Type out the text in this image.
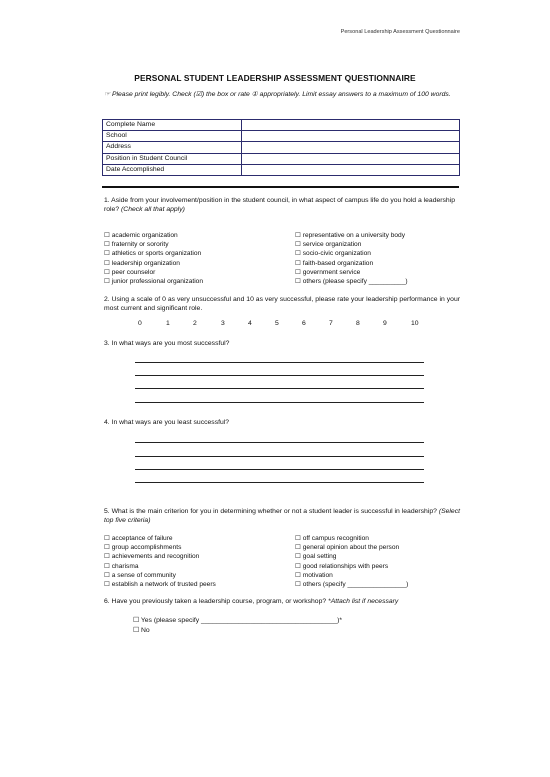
Personal Leadership Assessment Questionnaire
PERSONAL STUDENT LEADERSHIP ASSESSMENT QUESTIONNAIRE
☞ Please print legibly. Check (☑) the box or rate ① appropriately. Limit essay answers to a maximum of 100 words.
Complete Name	
School	
Address	
Position in Student Council	
Date Accomplished	
1. Aside from your involvement/position in the student council, in what aspect of campus life do you hold a leadership role? (Check all that apply)
☐ academic organization
☐ fraternity or sorority
☐ athletics or sports organization
☐ leadership organization
☐ peer counselor
☐ junior professional organization
☐ representative on a university body
☐ service organization
☐ socio-civic organization
☐ faith-based organization
☐ government service
☐ others (please specify __________)
2. Using a scale of 0 as very unsuccessful and 10 as very successful, please rate your leadership performance in your most current and significant role.
0	1	2	3	4	5	6	7	8	9	10
3. In what ways are you most successful?
4. In what ways are you least successful?
5. What is the main criterion for you in determining whether or not a student leader is successful in leadership? (Select top five criteria)
☐ acceptance of failure
☐ group accomplishments
☐ achievements and recognition
☐ charisma
☐ a sense of community
☐ establish a network of trusted peers
☐ off campus recognition
☐ general opinion about the person
☐ goal setting
☐ good relationships with peers
☐ motivation
☐ others (specify ________________)
6. Have you previously taken a leadership course, program, or workshop? *Attach list if necessary
☐ Yes (please specify ____________________________________)*
☐ No
